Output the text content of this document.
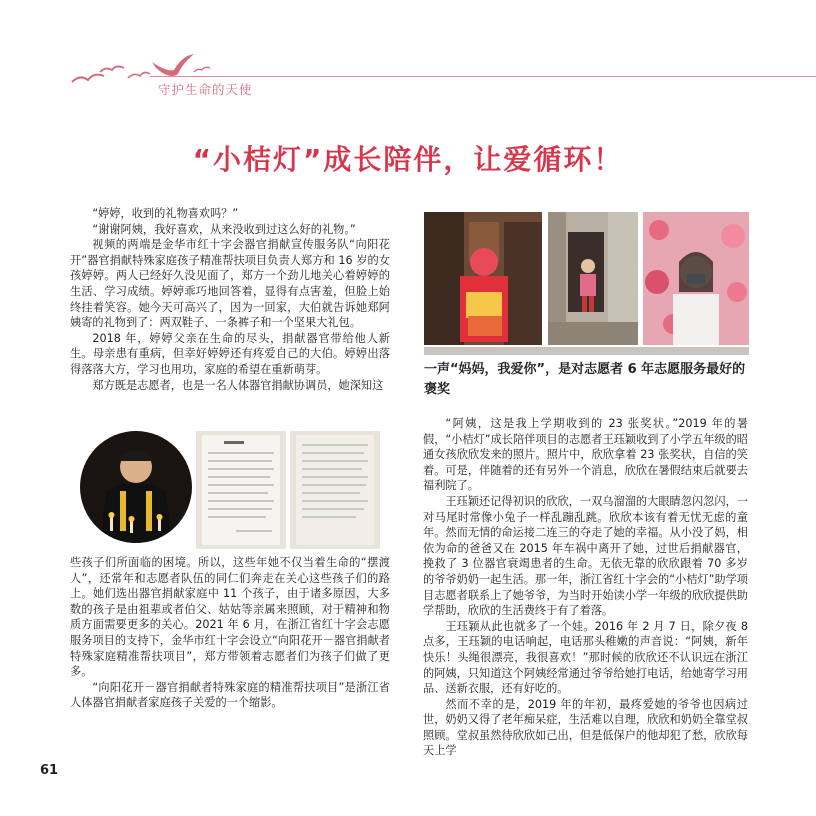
守护生命的天使
“小桔灯”成长陪伴，让爱循环！

“婷婷，收到的礼物喜欢吗？”

“谢谢阿姨，我好喜欢，从来没收到过这么好的礼物。”

视频的两端是金华市红十字会器官捐献宣传服务队“向阳花开”器官捐献特殊家庭孩子精准帮扶项目负责人郑方和 16 岁的女孩婷婷。两人已经好久没见面了，郑方一个劲儿地关心着婷婷的生活、学习成绩。婷婷乖巧地回答着，显得有点害羞，但脸上始终挂着笑容。她今天可高兴了，因为一回家，大伯就告诉她郑阿姨寄的礼物到了：两双鞋子、一条裤子和一个坚果大礼包。

2018 年，婷婷父亲在生命的尽头，捐献器官带给他人新生。母亲患有重病，但幸好婷婷还有疼爱自己的大伯。婷婷出落得落落大方，学习也用功，家庭的希望在重新萌芽。

郑方既是志愿者，也是一名人体器官捐献协调员，她深知这

一声“妈妈，我爱你”，是对志愿者 6 年志愿服务最好的褒奖

些孩子们所面临的困境。所以，这些年她不仅当着生命的“摆渡人”，还常年和志愿者队伍的同仁们奔走在关心这些孩子们的路上。她们选出器官捐献家庭中 11 个孩子，由于诸多原因，大多数的孩子是由祖辈或者伯父、姑姑等亲属来照顾，对于精神和物质方面需要更多的关心。2021 年 6 月，在浙江省红十字会志愿服务项目的支持下，金华市红十字会设立“向阳花开－器官捐献者特殊家庭精准帮扶项目”，郑方带领着志愿者们为孩子们做了更多。

“向阳花开－器官捐献者特殊家庭的精准帮扶项目”是浙江省人体器官捐献者家庭孩子关爱的一个缩影。

“阿姨，这是我上学期收到的 23 张奖状。”2019 年的暑假，“小桔灯”成长陪伴项目的志愿者王珏颖收到了小学五年级的昭通女孩欣欣发来的照片。照片中，欣欣拿着 23 张奖状，自信的笑着。可是，伴随着的还有另外一个消息，欣欣在暑假结束后就要去福利院了。

王珏颖还记得初识的欣欣，一双乌溜溜的大眼睛忽闪忽闪，一对马尾时常像小兔子一样乱蹦乱跳。欣欣本该有着无忧无虑的童年。然而无情的命运接二连三的夺走了她的幸福。从小没了妈，相依为命的爸爸又在 2015 年车祸中离开了她，过世后捐献器官，挽救了 3 位器官衰竭患者的生命。无依无靠的欣欣跟着 70 多岁的爷爷奶奶一起生活。那一年，浙江省红十字会的“小桔灯”助学项目志愿者联系上了她爷爷，为当时开始读小学一年级的欣欣提供助学帮助，欣欣的生活费终于有了着落。

王珏颖从此也就多了一个娃。2016 年 2 月 7 日，除夕夜 8 点多，王珏颖的电话响起，电话那头稚嫩的声音说：“阿姨，新年快乐！头绳很漂亮，我很喜欢！”那时候的欣欣还不认识远在浙江的阿姨，只知道这个阿姨经常通过爷爷给她打电话，给她寄学习用品、送新衣服，还有好吃的。

然而不幸的是，2019 年的年初，最疼爱她的爷爷也因病过世，奶奶又得了老年痴呆症，生活难以自理，欣欣和奶奶全靠堂叔照顾。堂叔虽然待欣欣如己出，但是低保户的他却犯了愁，欣欣每天上学

61
